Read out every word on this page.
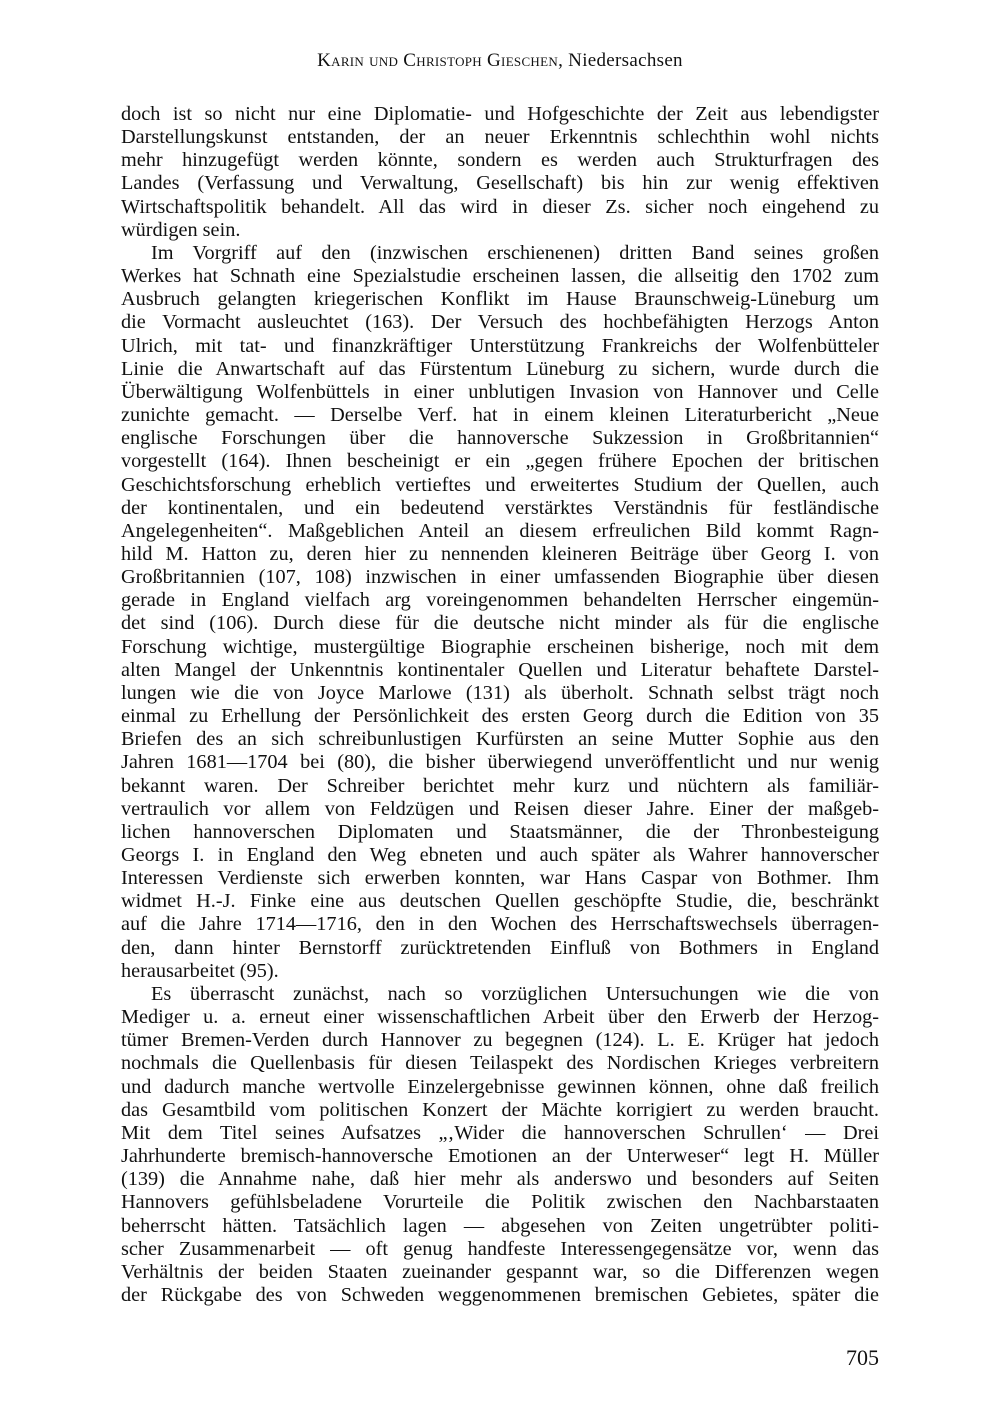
Karin und Christoph Gieschen, Niedersachsen

doch ist so nicht nur eine Diplomatie- und Hofgeschichte der Zeit aus lebendigster
Darstellungskunst entstanden, der an neuer Erkenntnis schlechthin wohl nichts
mehr hinzugefügt werden könnte, sondern es werden auch Strukturfragen des
Landes (Verfassung und Verwaltung, Gesellschaft) bis hin zur wenig effektiven
Wirtschaftspolitik behandelt. All das wird in dieser Zs. sicher noch eingehend zu
würdigen sein.

Im Vorgriff auf den (inzwischen erschienenen) dritten Band seines großen
Werkes hat Schnath eine Spezialstudie erscheinen lassen, die allseitig den 1702 zum
Ausbruch gelangten kriegerischen Konflikt im Hause Braunschweig-Lüneburg um
die Vormacht ausleuchtet (163). Der Versuch des hochbefähigten Herzogs Anton
Ulrich, mit tat- und finanzkräftiger Unterstützung Frankreichs der Wolfenbütteler
Linie die Anwartschaft auf das Fürstentum Lüneburg zu sichern, wurde durch die
Überwältigung Wolfenbüttels in einer unblutigen Invasion von Hannover und Celle
zunichte gemacht. — Derselbe Verf. hat in einem kleinen Literaturbericht „Neue
englische Forschungen über die hannoversche Sukzession in Großbritannien“
vorgestellt (164). Ihnen bescheinigt er ein „gegen frühere Epochen der britischen
Geschichtsforschung erheblich vertieftes und erweitertes Studium der Quellen, auch
der kontinentalen, und ein bedeutend verstärktes Verständnis für festländische
Angelegenheiten“. Maßgeblichen Anteil an diesem erfreulichen Bild kommt Ragn-
hild M. Hatton zu, deren hier zu nennenden kleineren Beiträge über Georg I. von
Großbritannien (107, 108) inzwischen in einer umfassenden Biographie über diesen
gerade in England vielfach arg voreingenommen behandelten Herrscher eingemün-
det sind (106). Durch diese für die deutsche nicht minder als für die englische
Forschung wichtige, mustergültige Biographie erscheinen bisherige, noch mit dem
alten Mangel der Unkenntnis kontinentaler Quellen und Literatur behaftete Darstel-
lungen wie die von Joyce Marlowe (131) als überholt. Schnath selbst trägt noch
einmal zu Erhellung der Persönlichkeit des ersten Georg durch die Edition von 35
Briefen des an sich schreibunlustigen Kurfürsten an seine Mutter Sophie aus den
Jahren 1681—1704 bei (80), die bisher überwiegend unveröffentlicht und nur wenig
bekannt waren. Der Schreiber berichtet mehr kurz und nüchtern als familiär-
vertraulich vor allem von Feldzügen und Reisen dieser Jahre. Einer der maßgeb-
lichen hannoverschen Diplomaten und Staatsmänner, die der Thronbesteigung
Georgs I. in England den Weg ebneten und auch später als Wahrer hannoverscher
Interessen Verdienste sich erwerben konnten, war Hans Caspar von Bothmer. Ihm
widmet H.-J. Finke eine aus deutschen Quellen geschöpfte Studie, die, beschränkt
auf die Jahre 1714—1716, den in den Wochen des Herrschaftswechsels überragen-
den, dann hinter Bernstorff zurücktretenden Einfluß von Bothmers in England
herausarbeitet (95).

Es überrascht zunächst, nach so vorzüglichen Untersuchungen wie die von
Mediger u. a. erneut einer wissenschaftlichen Arbeit über den Erwerb der Herzog-
tümer Bremen-Verden durch Hannover zu begegnen (124). L. E. Krüger hat jedoch
nochmals die Quellenbasis für diesen Teilaspekt des Nordischen Krieges verbreitern
und dadurch manche wertvolle Einzelergebnisse gewinnen können, ohne daß freilich
das Gesamtbild vom politischen Konzert der Mächte korrigiert zu werden braucht.
Mit dem Titel seines Aufsatzes „‚Wider die hannoverschen Schrullen‘ — Drei
Jahrhunderte bremisch-hannoversche Emotionen an der Unterweser“ legt H. Müller
(139) die Annahme nahe, daß hier mehr als anderswo und besonders auf Seiten
Hannovers gefühlsbeladene Vorurteile die Politik zwischen den Nachbarstaaten
beherrscht hätten. Tatsächlich lagen — abgesehen von Zeiten ungetrübter politi-
scher Zusammenarbeit — oft genug handfeste Interessengegensätze vor, wenn das
Verhältnis der beiden Staaten zueinander gespannt war, so die Differenzen wegen
der Rückgabe des von Schweden weggenommenen bremischen Gebietes, später die

705
